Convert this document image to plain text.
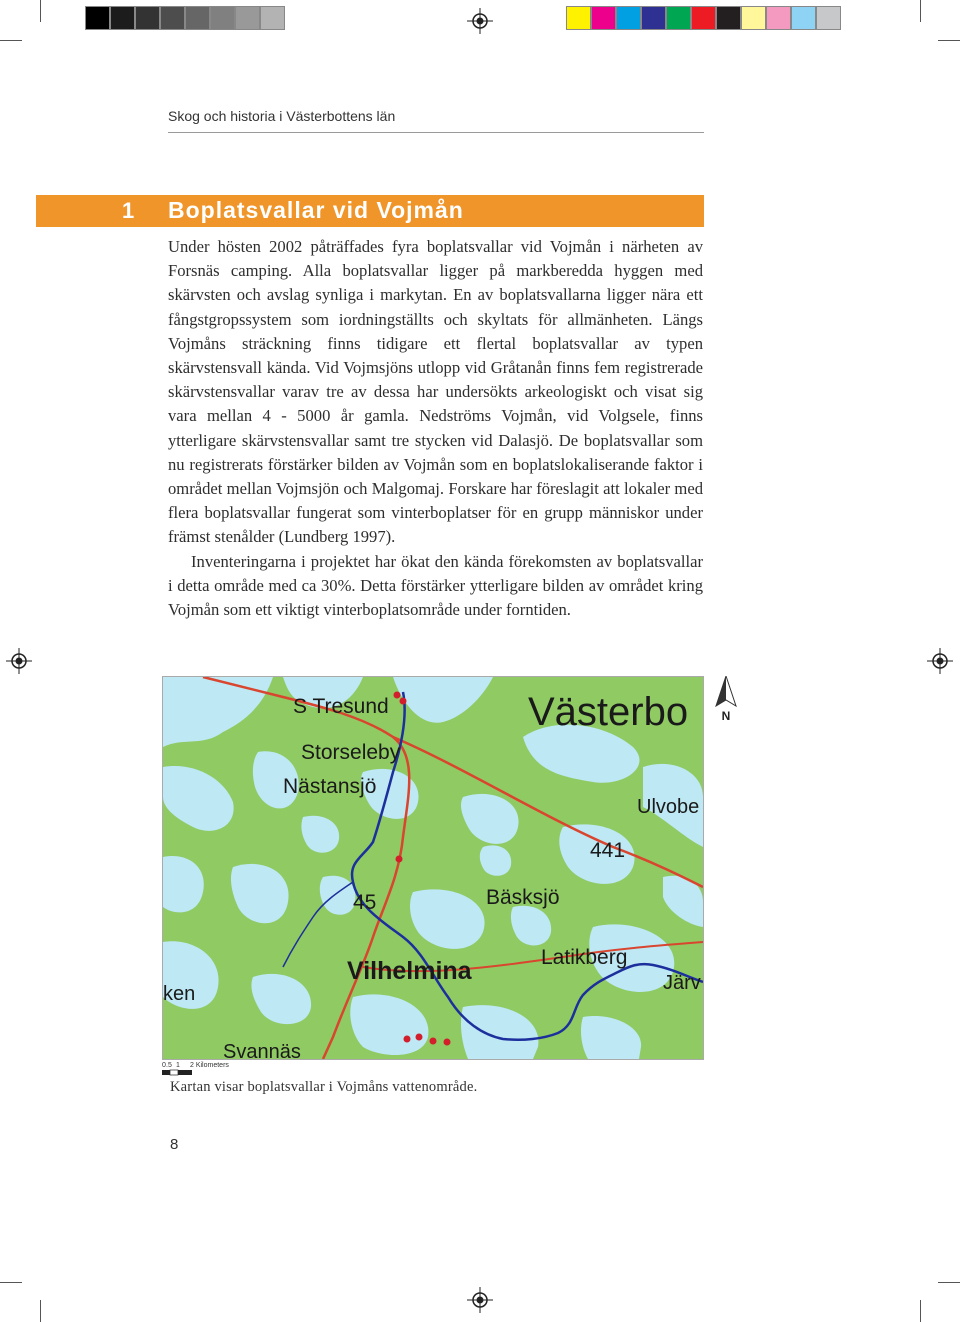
Skog och historia i Västerbottens län
1 Boplatsvallar vid Vojmån

Under hösten 2002 påträffades fyra boplatsvallar vid Vojmån i närheten av Forsnäs camping. Alla boplatsvallar ligger på markberedda hyggen med skärvsten och avslag synliga i markytan. En av boplatsvallarna ligger nära ett fångstgropssystem som iordningställts och skyltats för allmänheten. Längs Vojmåns sträckning finns tidigare ett flertal boplatsvallar av typen skärvstensvall kända. Vid Vojmsjöns utlopp vid Gråtanån finns fem registrerade skärvstensvallar varav tre av dessa har undersökts arkeologiskt och visat sig vara mellan 4 - 5000 år gamla. Nedströms Vojmån, vid Volgsele, finns ytterligare skärvstensvallar samt tre stycken vid Dalasjö. De boplatsvallar som nu registrerats förstärker bilden av Vojmån som en boplatslokaliserande faktor i området mellan Vojmsjön och Malgomaj. Forskare har föreslagit att lokaler med flera boplatsvallar fungerat som vinterboplatser för en grupp människor under främst stenålder (Lundberg 1997).

Inventeringarna i projektet har ökat den kända förekomsten av boplatsvallar i detta område med ca 30%. Detta förstärker ytterligare bilden av området kring Vojmån som ett viktigt vinterboplatsområde under forntiden.

S Tresund	Västerbo
Storseleby
Nästansjö
Ulvobe
441
Bäsksjö
45
Latikberg
Vilhelmina	Järv
ken
Svannäs
N
0 .5 1 2 Kilometers
Kartan visar boplatsvallar i Vojmåns vattenområde.
8
